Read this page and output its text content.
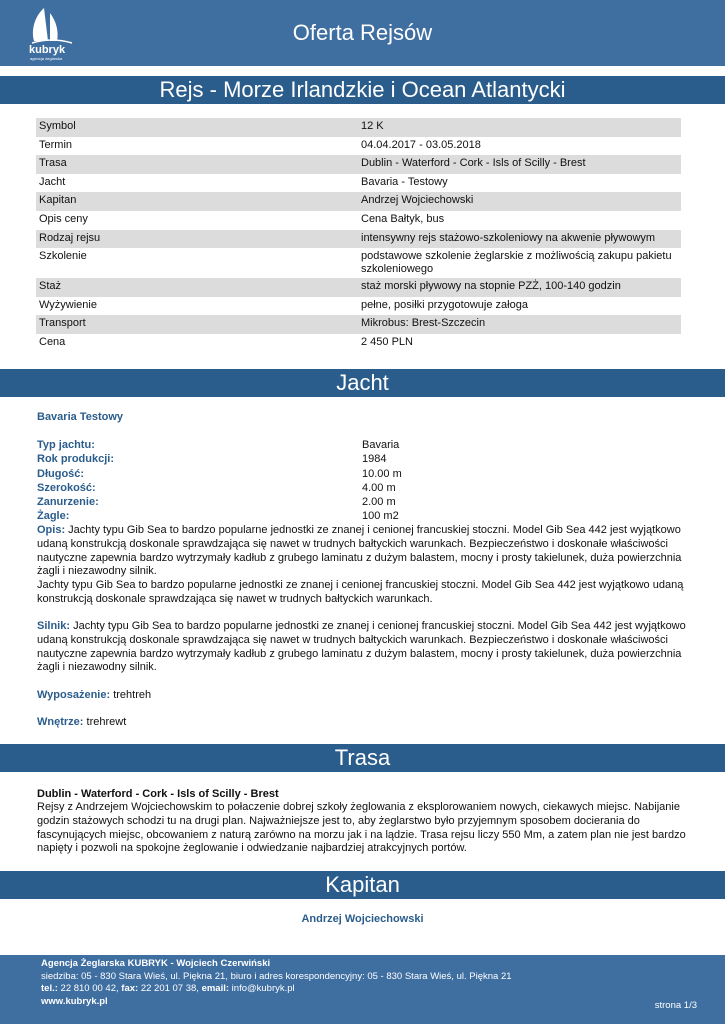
kubryk
agencja żeglarska
Oferta Rejsów
Rejs - Morze Irlandzkie i Ocean Atlantycki
Symbol	12 K
Termin	04.04.2017 - 03.05.2018
Trasa	Dublin - Waterford - Cork - Isls of Scilly - Brest
Jacht	Bavaria - Testowy
Kapitan	Andrzej Wojciechowski
Opis ceny	Cena Bałtyk, bus
Rodzaj rejsu	intensywny rejs stażowo-szkoleniowy na akwenie pływowym
Szkolenie	podstawowe szkolenie żeglarskie z możliwością zakupu pakietu szkoleniowego
Staż	staż morski pływowy na stopnie PZŻ, 100-140 godzin
Wyżywienie	pełne, posiłki przygotowuje załoga
Transport	Mikrobus: Brest-Szczecin
Cena	2 450 PLN
Jacht
Bavaria Testowy
Typ jachtu:	Bavaria
Rok produkcji:	1984
Długość:	10.00 m
Szerokość:	4.00 m
Zanurzenie:	2.00 m
Żagle:	100 m2
Opis: Jachty typu Gib Sea to bardzo popularne jednostki ze znanej i cenionej francuskiej stoczni. Model Gib Sea 442 jest wyjątkowo udaną konstrukcją doskonale sprawdzająca się nawet w trudnych bałtyckich warunkach. Bezpieczeństwo i doskonałe właściwości nautyczne zapewnia bardzo wytrzymały kadłub z grubego laminatu z dużym balastem, mocny i prosty takielunek, duża powierzchnia żagli i niezawodny silnik.
Jachty typu Gib Sea to bardzo popularne jednostki ze znanej i cenionej francuskiej stoczni. Model Gib Sea 442 jest wyjątkowo udaną konstrukcją doskonale sprawdzająca się nawet w trudnych bałtyckich warunkach.
Silnik: Jachty typu Gib Sea to bardzo popularne jednostki ze znanej i cenionej francuskiej stoczni. Model Gib Sea 442 jest wyjątkowo udaną konstrukcją doskonale sprawdzająca się nawet w trudnych bałtyckich warunkach. Bezpieczeństwo i doskonałe właściwości nautyczne zapewnia bardzo wytrzymały kadłub z grubego laminatu z dużym balastem, mocny i prosty takielunek, duża powierzchnia żagli i niezawodny silnik.
Wyposażenie: trehtreh
Wnętrze: trehrewt
Trasa
Dublin - Waterford - Cork - Isls of Scilly - Brest
Rejsy z Andrzejem Wojciechowskim to połaczenie dobrej szkoły żeglowania z eksplorowaniem nowych, ciekawych miejsc. Nabijanie godzin stażowych schodzi tu na drugi plan. Najważniejsze jest to, aby żeglarstwo było przyjemnym sposobem docierania do fascynujących miejsc, obcowaniem z naturą zarówno na morzu jak i na lądzie. Trasa rejsu liczy 550 Mm, a zatem plan nie jest bardzo napięty i pozwoli na spokojne żeglowanie i odwiedzanie najbardziej atrakcyjnych portów.
Kapitan
Andrzej Wojciechowski
Agencja Żeglarska KUBRYK - Wojciech Czerwiński
siedziba: 05 - 830 Stara Wieś, ul. Piękna 21, biuro i adres korespondencyjny: 05 - 830 Stara Wieś, ul. Piękna 21
tel.: 22 810 00 42, fax: 22 201 07 38, email: info@kubryk.pl
www.kubryk.pl	strona 1/3
